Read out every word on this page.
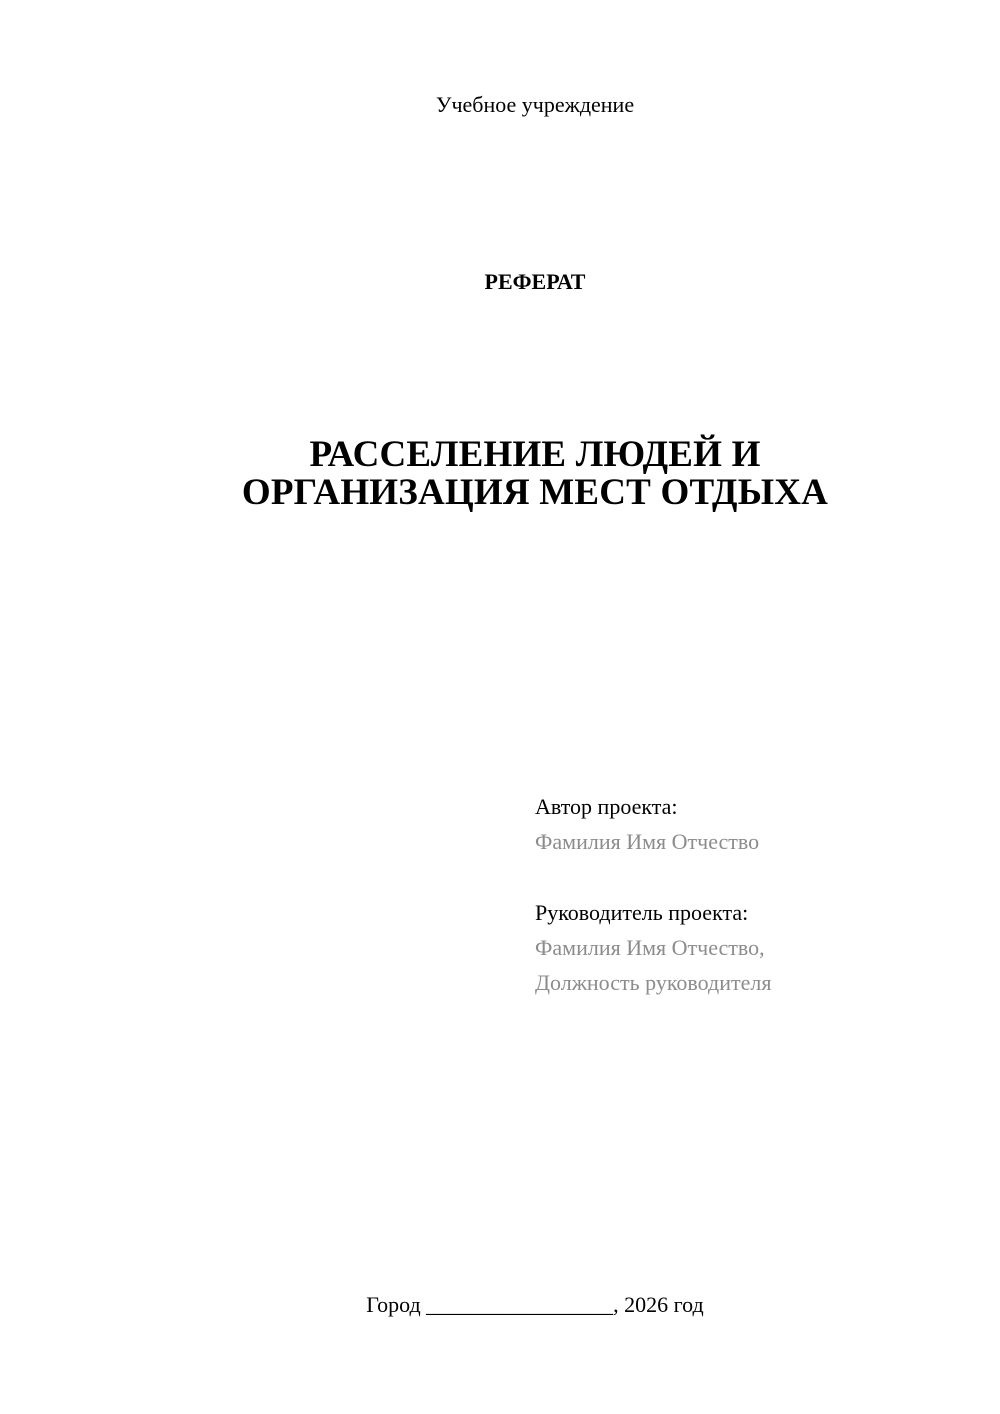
Учебное учреждение
РЕФЕРАТ
РАССЕЛЕНИЕ ЛЮДЕЙ И
ОРГАНИЗАЦИЯ МЕСТ ОТДЫХА
Автор проекта:
Фамилия Имя Отчество
Руководитель проекта:
Фамилия Имя Отчество,
Должность руководителя
Город _________________, 2026 год
